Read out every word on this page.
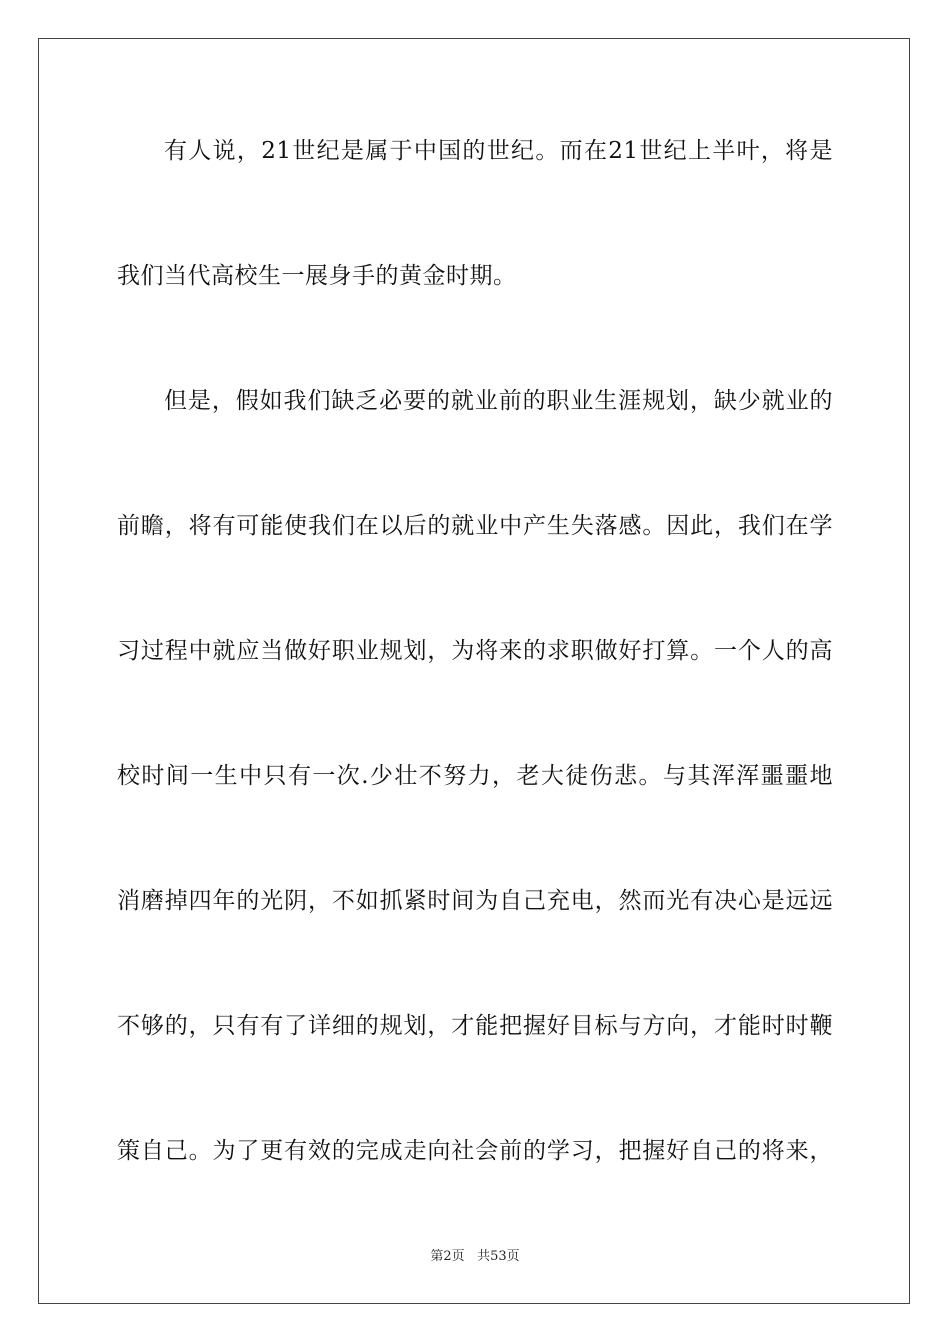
有人说，21世纪是属于中国的世纪。而在21世纪上半叶，将是
我们当代高校生一展身手的黄金时期。
但是，假如我们缺乏必要的就业前的职业生涯规划，缺少就业的
前瞻，将有可能使我们在以后的就业中产生失落感。因此，我们在学
习过程中就应当做好职业规划，为将来的求职做好打算。一个人的高
校时间一生中只有一次.少壮不努力，老大徒伤悲。与其浑浑噩噩地
消磨掉四年的光阴，不如抓紧时间为自己充电，然而光有决心是远远
不够的，只有有了详细的规划，才能把握好目标与方向，才能时时鞭
策自己。为了更有效的完成走向社会前的学习，把握好自己的将来，
第2页 共53页
